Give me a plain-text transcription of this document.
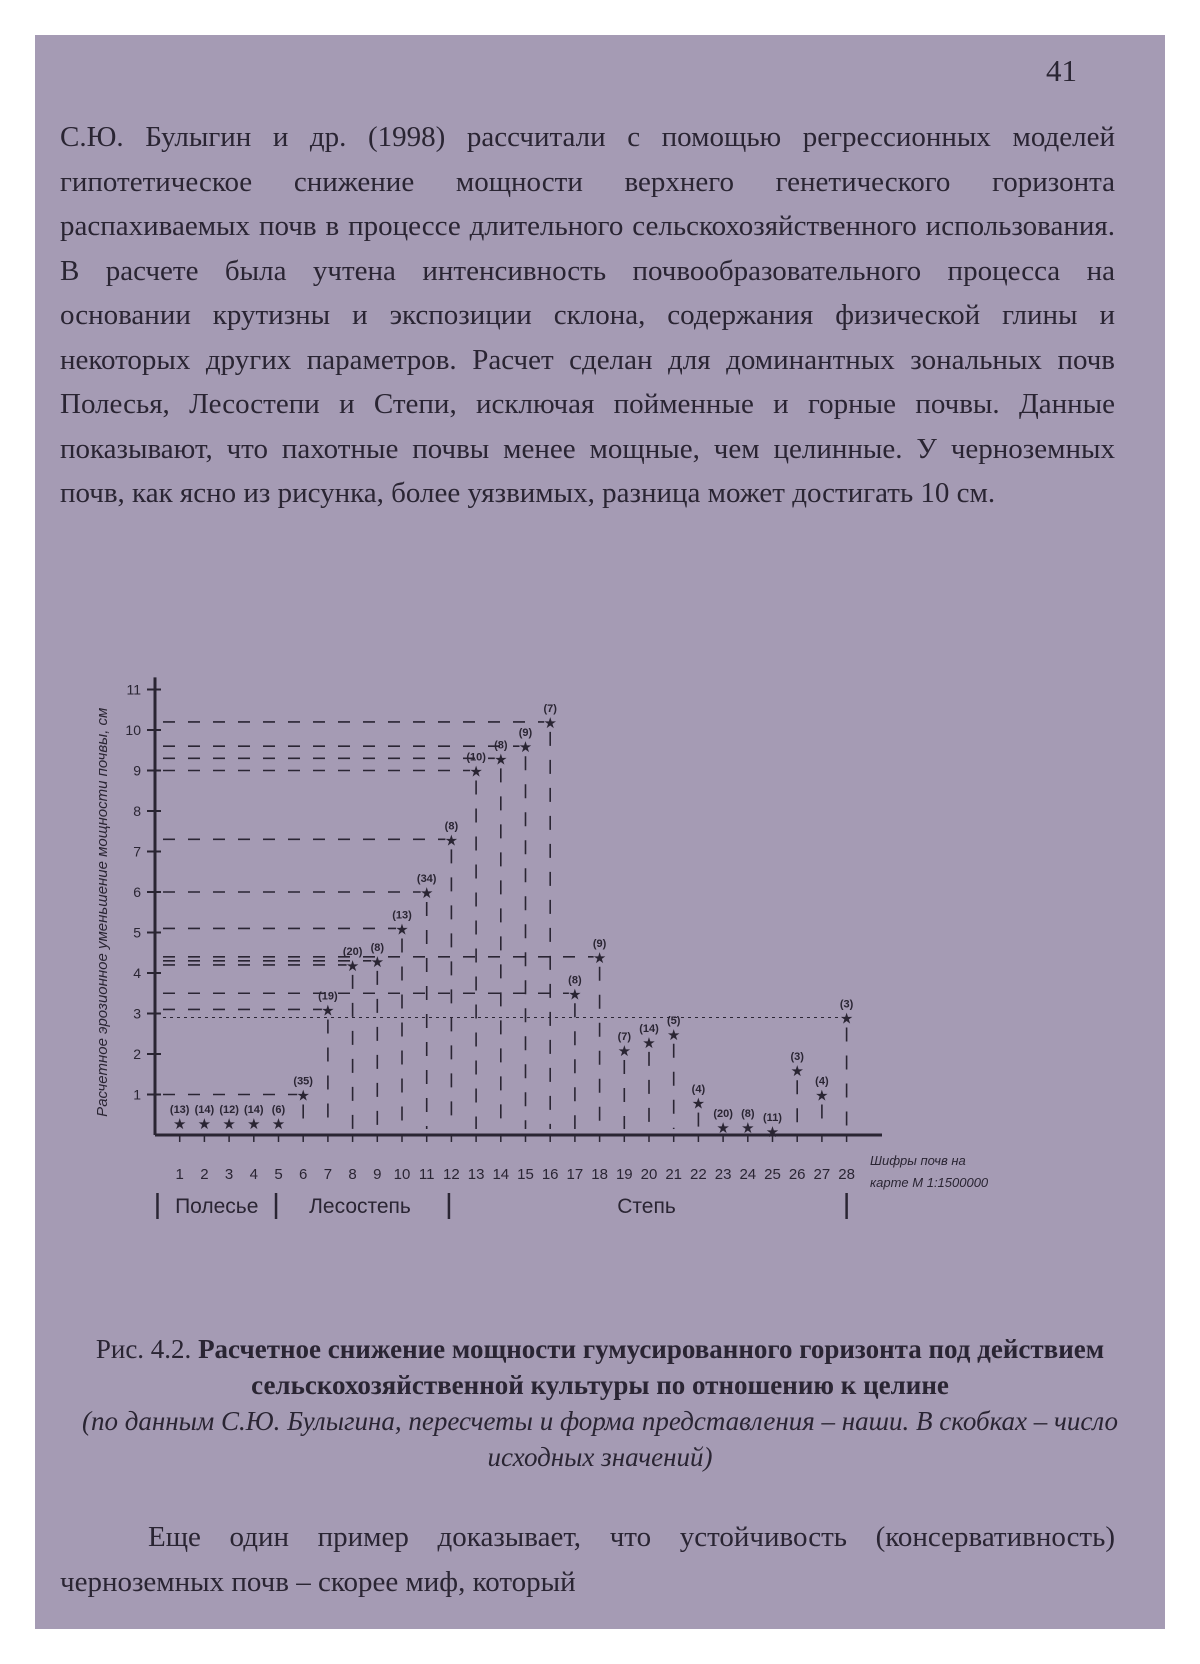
41

С.Ю. Булыгин и др. (1998) рассчитали с помощью регрессионных моделей гипотетическое снижение мощности верхнего генетического горизонта распахиваемых почв в процессе длительного сельскохозяйственного использования. В расчете была учтена интенсивность почвообразовательного процесса на основании крутизны и экспозиции склона, содержания физической глины и некоторых других параметров. Расчет сделан для доминантных зональных почв Полесья, Лесостепи и Степи, исключая пойменные и горные почвы. Данные показывают, что пахотные почвы менее мощные, чем целинные. У черноземных почв, как ясно из рисунка, более уязвимых, разница может достигать 10 см.

1
2
3
4
5
6
7
8
9
10
11
1 2 3 4 5 6 7 8 9 10 11 12 13 14 15 16 17 18 19 20 21 22 23 24 25 26 27 28
Расчетное эрозионное уменьшение мощности почвы, см
Шифры почв на
карте М 1:1500000
★
(13)
★
(14)
★
(12)
★
(14)
★
(6)
★
(35)
★
(19)
★
(20)
★
(8)
★
(13)
★
(34)
★
(8)
★
(10) ★
(8) ★
(9)
★
(7)
★
(8)
★
(9)
★
(7) ★
(14) ★
(5)
★
(4)
★
(20)
★
(8)
★
(11)
★
(3)
★
(4)
★
(3)
Полесье Лесостепь	Степь
Рис. 4.2. Расчетное снижение мощности гумусированного горизонта под действием сельскохозяйственной культуры по отношению к целине
(по данным С.Ю. Булыгина, пересчеты и форма представления – наши. В скобках – число исходных значений)

Еще один пример доказывает, что устойчивость (консервативность) черноземных почв – скорее миф, который
